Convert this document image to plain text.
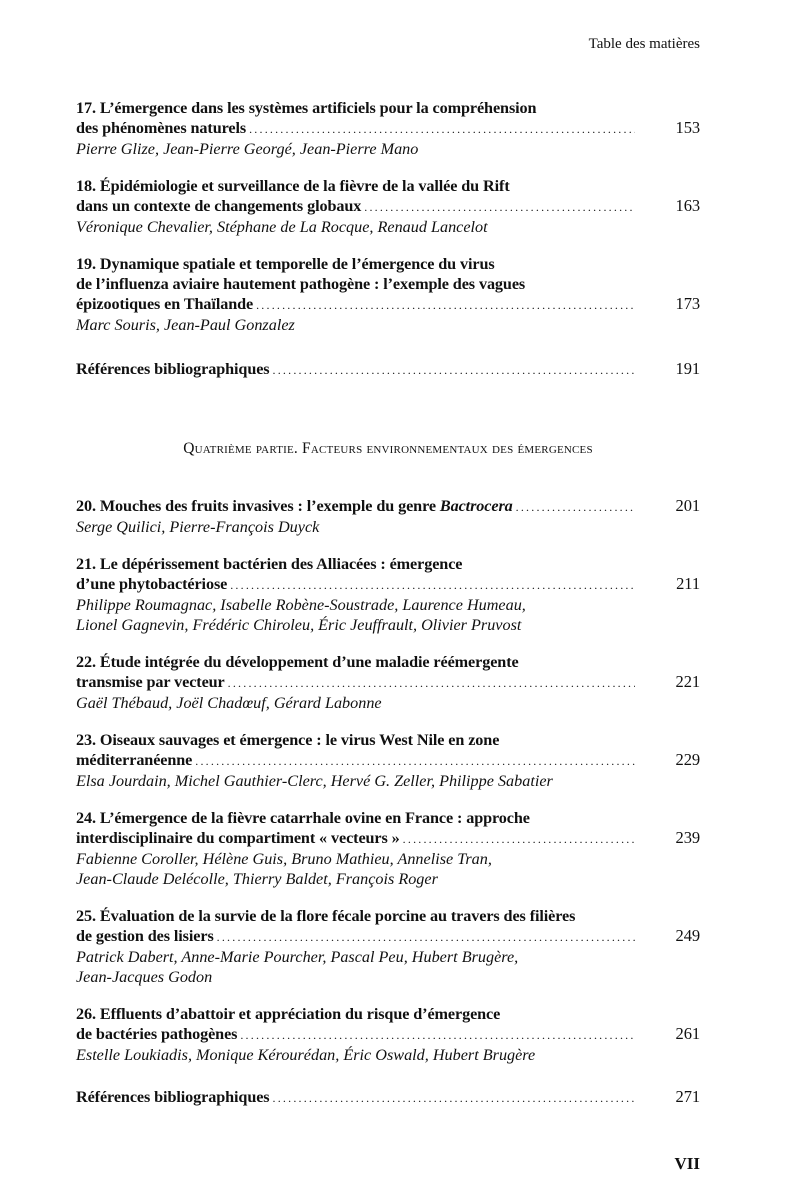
Table des matières
17. L’émergence dans les systèmes artificiels pour la compréhension
des phénomènes naturels . . .	153
Pierre Glize, Jean-Pierre Georgé, Jean-Pierre Mano
18. Épidémiologie et surveillance de la fièvre de la vallée du Rift
dans un contexte de changements globaux . . .	163
Véronique Chevalier, Stéphane de La Rocque, Renaud Lancelot
19. Dynamique spatiale et temporelle de l’émergence du virus
de l’influenza aviaire hautement pathogène : l’exemple des vagues
épizootiques en Thaïlande . . .	173
Marc Souris, Jean-Paul Gonzalez
Références bibliographiques . . .	191
Quatrième partie. Facteurs environnementaux des émergences
20. Mouches des fruits invasives : l’exemple du genre Bactrocera . . .	201
Serge Quilici, Pierre-François Duyck
21. Le dépérissement bactérien des Alliacées : émergence
d’une phytobactériose . . .	211
Philippe Roumagnac, Isabelle Robène-Soustrade, Laurence Humeau,
Lionel Gagnevin, Frédéric Chiroleu, Éric Jeuffrault, Olivier Pruvost
22. Étude intégrée du développement d’une maladie réémergente
transmise par vecteur . . .	221
Gaël Thébaud, Joël Chadœuf, Gérard Labonne
23. Oiseaux sauvages et émergence : le virus West Nile en zone
méditerranéenne . . .	229
Elsa Jourdain, Michel Gauthier-Clerc, Hervé G. Zeller, Philippe Sabatier
24. L’émergence de la fièvre catarrhale ovine en France : approche
interdisciplinaire du compartiment « vecteurs » . . .	239
Fabienne Coroller, Hélène Guis, Bruno Mathieu, Annelise Tran,
Jean-Claude Delécolle, Thierry Baldet, François Roger
25. Évaluation de la survie de la flore fécale porcine au travers des filières
de gestion des lisiers . . .	249
Patrick Dabert, Anne-Marie Pourcher, Pascal Peu, Hubert Brugère,
Jean-Jacques Godon
26. Effluents d’abattoir et appréciation du risque d’émergence
de bactéries pathogènes . . .	261
Estelle Loukiadis, Monique Kérourédan, Éric Oswald, Hubert Brugère
Références bibliographiques . . .	271
VII
